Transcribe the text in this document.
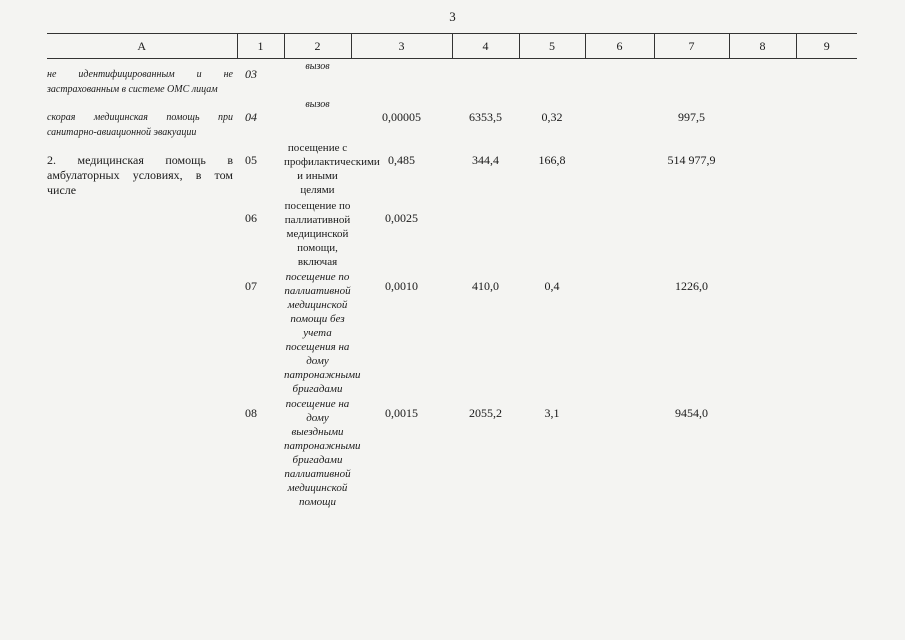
3
А	1	2	3	4	5	6	7	8	9
не идентифицированным и не застрахованным в системе ОМС лицам	03	вызов							
скорая медицинская помощь при санитарно-авиационной эвакуации	04	вызов	0,00005	6353,5	0,32		997,5		
2. медицинская помощь в амбулаторных условиях, в том числе	05	посещение с профилактическими и иными целями	0,485	344,4	166,8		514 977,9		
	06	посещение по паллиативной медицинской помощи, включая	0,0025						
	07	посещение по паллиативной медицинской помощи без учета посещения на дому патронажными бригадами	0,0010	410,0	0,4		1226,0		
	08	посещение на дому выездными патронажными бригадами паллиативной медицинской помощи	0,0015	2055,2	3,1		9454,0		
